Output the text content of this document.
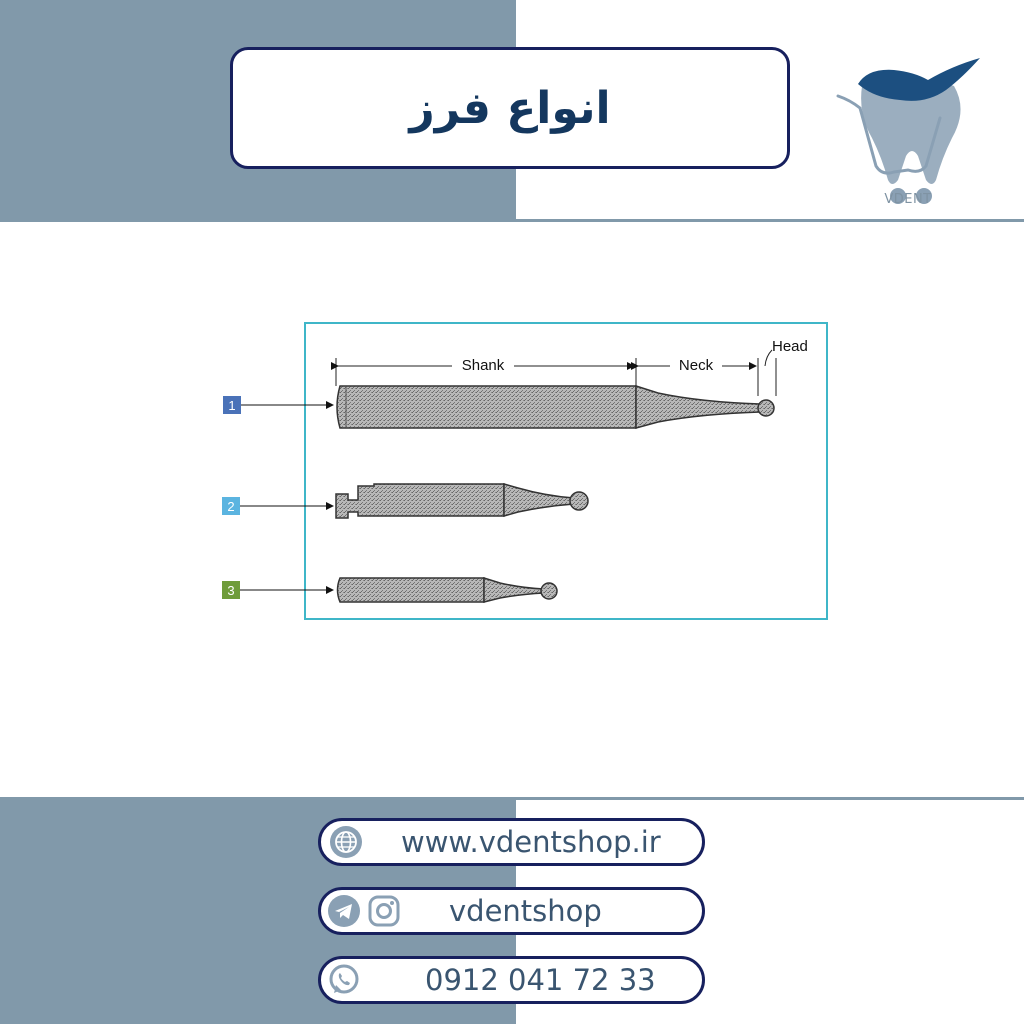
انواع فرز
VDENT
Shank	Neck
Head
1
2
3
www.vdentshop.ir
vdentshop
0912 041 72 33
